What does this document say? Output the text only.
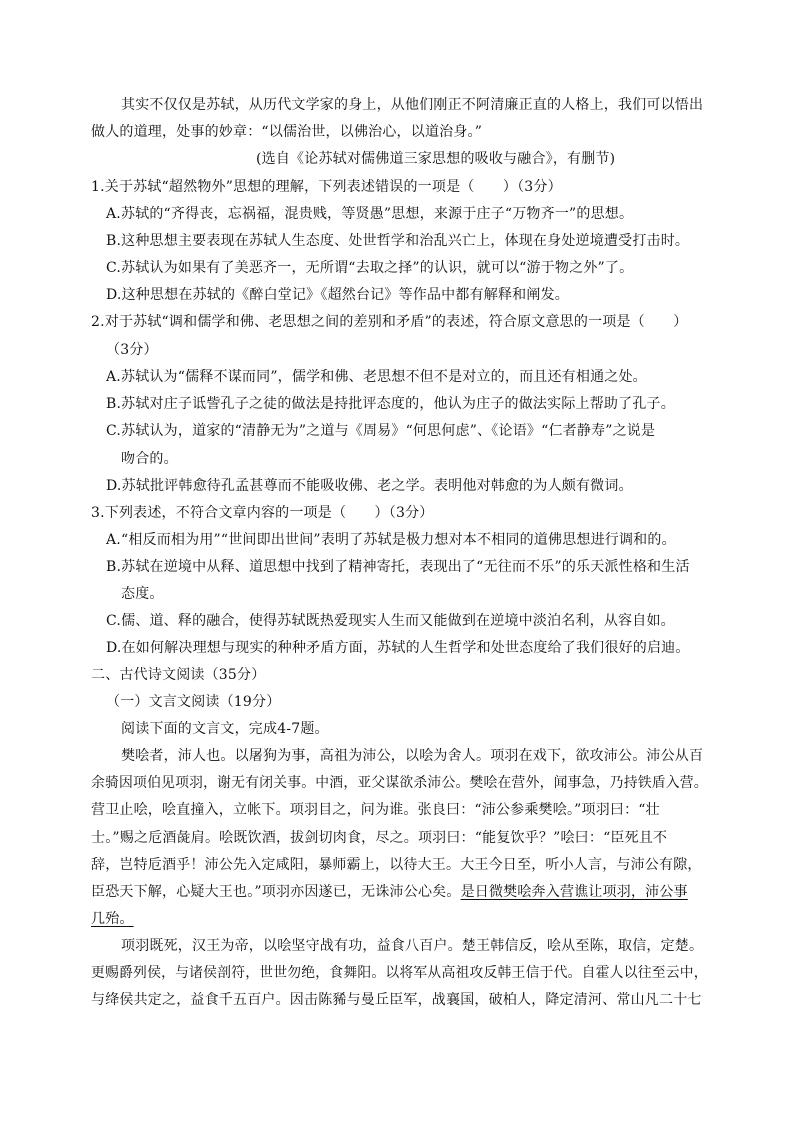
其实不仅仅是苏轼，从历代文学家的身上，从他们刚正不阿清廉正直的人格上，我们可以悟出
做人的道理，处事的妙章：“以儒治世，以佛治心，以道治身。”
(选自《论苏轼对儒佛道三家思想的吸收与融合》，有删节)
1.关于苏轼“超然物外”思想的理解，下列表述错误的一项是（　　）（3分）
A.苏轼的“齐得丧，忘祸福，混贵贱，等贤愚”思想，来源于庄子“万物齐一”的思想。
B.这种思想主要表现在苏轼人生态度、处世哲学和治乱兴亡上，体现在身处逆境遭受打击时。
C.苏轼认为如果有了美恶齐一，无所谓“去取之择”的认识，就可以“游于物之外”了。
D.这种思想在苏轼的《醉白堂记》《超然台记》等作品中都有解释和阐发。
2.对于苏轼“调和儒学和佛、老思想之间的差别和矛盾”的表述，符合原文意思的一项是（　　）
（3分）
A.苏轼认为“儒释不谋而同”，儒学和佛、老思想不但不是对立的，而且还有相通之处。
B.苏轼对庄子诋訾孔子之徒的做法是持批评态度的，他认为庄子的做法实际上帮助了孔子。
C.苏轼认为，道家的“清静无为”之道与《周易》“何思何虑”、《论语》“仁者静寿”之说是
吻合的。
D.苏轼批评韩愈待孔孟甚尊而不能吸收佛、老之学。表明他对韩愈的为人颇有微词。
3.下列表述，不符合文章内容的一项是（　　）（3分）
A.“相反而相为用”“世间即出世间”表明了苏轼是极力想对本不相同的道佛思想进行调和的。
B.苏轼在逆境中从释、道思想中找到了精神寄托，表现出了“无往而不乐”的乐天派性格和生活
态度。
C.儒、道、释的融合，使得苏轼既热爱现实人生而又能做到在逆境中淡泊名利，从容自如。
D.在如何解决理想与现实的种种矛盾方面，苏轼的人生哲学和处世态度给了我们很好的启迪。
二、古代诗文阅读（35分）
（一）文言文阅读（19分）
阅读下面的文言文，完成4-7题。
樊哙者，沛人也。以屠狗为事，高祖为沛公，以哙为舍人。项羽在戏下，欲攻沛公。沛公从百
余骑因项伯见项羽，谢无有闭关事。中酒，亚父谋欲杀沛公。樊哙在营外，闻事急，乃持铁盾入营。
营卫止哙，哙直撞入，立帐下。项羽目之，问为谁。张良曰：“沛公参乘樊哙。”项羽曰：“壮
士。”赐之卮酒彘肩。哙既饮酒，拔剑切肉食，尽之。项羽曰：“能复饮乎？”哙曰：“臣死且不
辞，岂特卮酒乎！沛公先入定咸阳，暴师霸上，以待大王。大王今日至，听小人言，与沛公有隙，
臣恐天下解，心疑大王也。”项羽亦因遂已，无诛沛公心矣。是日微樊哙奔入营谯让项羽，沛公事
几殆。
项羽既死，汉王为帝，以哙坚守战有功，益食八百户。楚王韩信反，哙从至陈，取信，定楚。
更赐爵列侯，与诸侯剖符，世世勿绝，食舞阳。以将军从高祖攻反韩王信于代。自霍人以往至云中，
与绛侯共定之，益食千五百户。因击陈豨与曼丘臣军，战襄国，破柏人，降定清河、常山凡二十七
